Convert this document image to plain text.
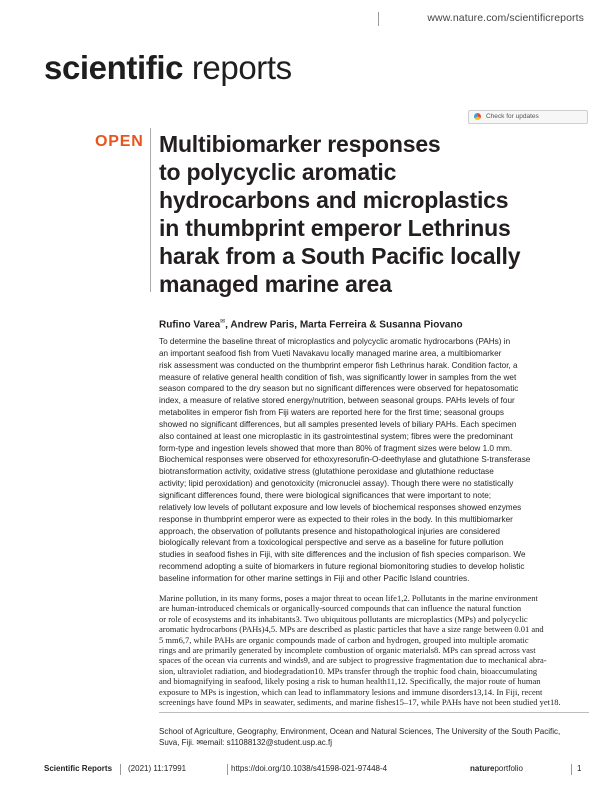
www.nature.com/scientificreports
scientific reports
OPEN
Check for updates
Multibiomarker responses
to polycyclic aromatic
hydrocarbons and microplastics
in thumbprint emperor Lethrinus
harak from a South Pacific locally
managed marine area
Rufino Varea✉, Andrew Paris, Marta Ferreira & Susanna Piovano
To determine the baseline threat of microplastics and polycyclic aromatic hydrocarbons (PAHs) in
an important seafood fish from Vueti Navakavu locally managed marine area, a multibiomarker
risk assessment was conducted on the thumbprint emperor fish Lethrinus harak. Condition factor, a
measure of relative general health condition of fish, was significantly lower in samples from the wet
season compared to the dry season but no significant differences were observed for hepatosomatic
index, a measure of relative stored energy/nutrition, between seasonal groups. PAHs levels of four
metabolites in emperor fish from Fiji waters are reported here for the first time; seasonal groups
showed no significant differences, but all samples presented levels of biliary PAHs. Each specimen
also contained at least one microplastic in its gastrointestinal system; fibres were the predominant
form-type and ingestion levels showed that more than 80% of fragment sizes were below 1.0 mm.
Biochemical responses were observed for ethoxyresorufin-O-deethylase and glutathione S-transferase
biotransformation activity, oxidative stress (glutathione peroxidase and glutathione reductase
activity; lipid peroxidation) and genotoxicity (micronuclei assay). Though there were no statistically
significant differences found, there were biological significances that were important to note;
relatively low levels of pollutant exposure and low levels of biochemical responses showed enzymes
response in thumbprint emperor were as expected to their roles in the body. In this multibiomarker
approach, the observation of pollutants presence and histopathological injuries are considered
biologically relevant from a toxicological perspective and serve as a baseline for future pollution
studies in seafood fishes in Fiji, with site differences and the inclusion of fish species comparison. We
recommend adopting a suite of biomarkers in future regional biomonitoring studies to develop holistic
baseline information for other marine settings in Fiji and other Pacific Island countries.
Marine pollution, in its many forms, poses a major threat to ocean life1,2. Pollutants in the marine environment
are human-introduced chemicals or organically-sourced compounds that can influence the natural function
or role of ecosystems and its inhabitants3. Two ubiquitous pollutants are microplastics (MPs) and polycyclic
aromatic hydrocarbons (PAHs)4,5. MPs are described as plastic particles that have a size range between 0.01 and
5 mm6,7, while PAHs are organic compounds made of carbon and hydrogen, grouped into multiple aromatic
rings and are primarily generated by incomplete combustion of organic materials8. MPs can spread across vast
spaces of the ocean via currents and winds9, and are subject to progressive fragmentation due to mechanical abra-
sion, ultraviolet radiation, and biodegradation10. MPs transfer through the trophic food chain, bioaccumulating
and biomagnifying in seafood, likely posing a risk to human health11,12. Specifically, the major route of human
exposure to MPs is ingestion, which can lead to inflammatory lesions and immune disorders13,14. In Fiji, recent
screenings have found MPs in seawater, sediments, and marine fishes15–17, while PAHs have not been studied yet18.
School of Agriculture, Geography, Environment, Ocean and Natural Sciences, The University of the South Pacific,
Suva, Fiji. ✉email: s11088132@student.usp.ac.fj
Scientific Reports (2021) 11:17991	https://doi.org/10.1038/s41598-021-97448-4	natureportfolio	1
